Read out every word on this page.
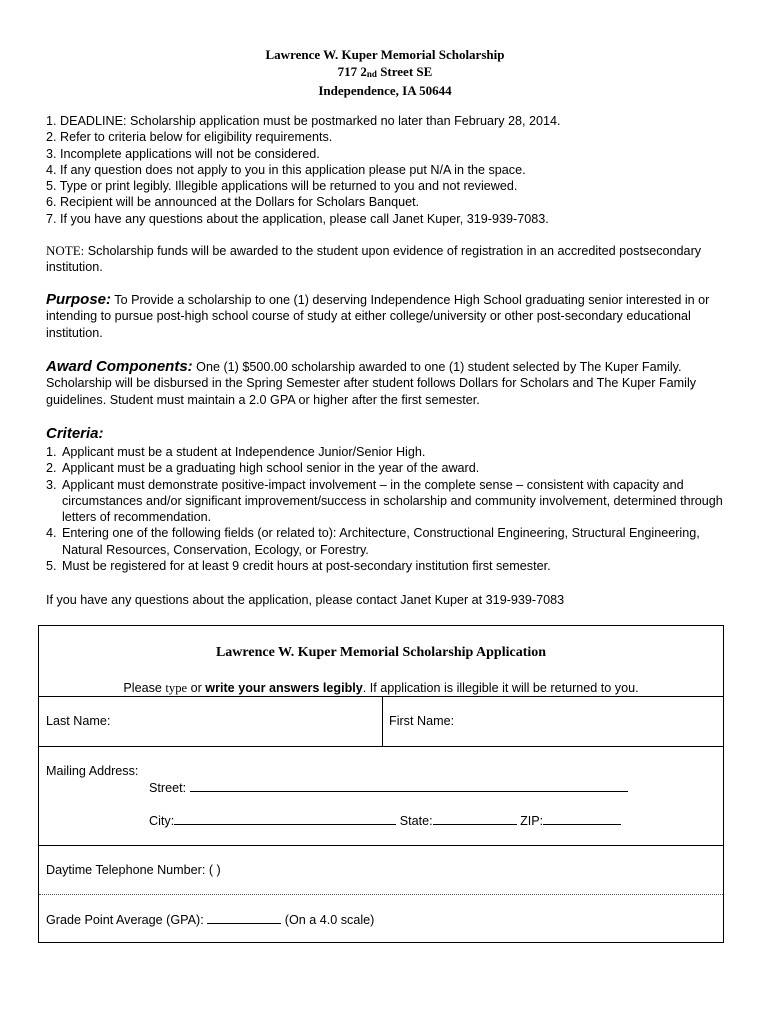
Lawrence W. Kuper Memorial Scholarship
717 $2_{nd}$ Street SE
Independence, IA 50644
1. DEADLINE: Scholarship application must be postmarked no later than February 28, 2014.
2. Refer to criteria below for eligibility requirements.
3. Incomplete applications will not be considered.
4. If any question does not apply to you in this application please put N/A in the space.
5. Type or print legibly. Illegible applications will be returned to you and not reviewed.
6. Recipient will be announced at the Dollars for Scholars Banquet.
7. If you have any questions about the application, please call Janet Kuper, 319-939-7083.
NOTE: Scholarship funds will be awarded to the student upon evidence of registration in an accredited postsecondary institution.
Purpose: To Provide a scholarship to one (1) deserving Independence High School graduating senior interested in or intending to pursue post-high school course of study at either college/university or other post-secondary educational institution.
Award Components: One (1) $500.00 scholarship awarded to one (1) student selected by The Kuper Family. Scholarship will be disbursed in the Spring Semester after student follows Dollars for Scholars and The Kuper Family guidelines. Student must maintain a 2.0 GPA or higher after the first semester.
Criteria:
1. Applicant must be a student at Independence Junior/Senior High.
2. Applicant must be a graduating high school senior in the year of the award.
3. Applicant must demonstrate positive-impact involvement – in the complete sense – consistent with capacity and circumstances and/or significant improvement/success in scholarship and community involvement, determined through letters of recommendation.
4. Entering one of the following fields (or related to): Architecture, Constructional Engineering, Structural Engineering, Natural Resources, Conservation, Ecology, or Forestry.
5. Must be registered for at least 9 credit hours at post-secondary institution first semester.
If you have any questions about the application, please contact Janet Kuper at 319-939-7083
Lawrence W. Kuper Memorial Scholarship Application
Please type or write your answers legibly. If application is illegible it will be returned to you.
Last Name:	First Name:
Mailing Address:
Street:
City:	State:	ZIP:
Daytime Telephone Number: ( )
Grade Point Average (GPA):	(On a 4.0 scale)
